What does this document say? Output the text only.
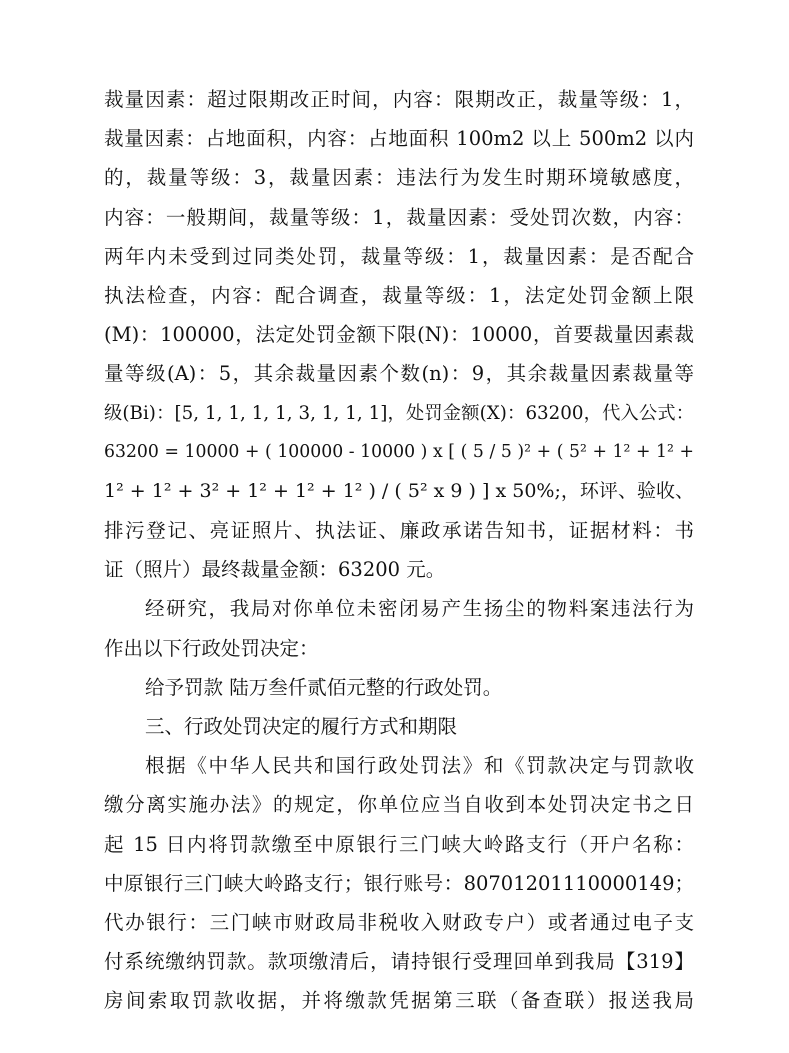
裁量因素：超过限期改正时间，内容：限期改正，裁量等级：1，
裁量因素：占地面积，内容：占地面积 100m2 以上 500m2 以内
的，裁量等级：3，裁量因素：违法行为发生时期环境敏感度，
内容：一般期间，裁量等级：1，裁量因素：受处罚次数，内容：
两年内未受到过同类处罚，裁量等级：1，裁量因素：是否配合
执法检查，内容：配合调查，裁量等级：1，法定处罚金额上限
(M)：100000，法定处罚金额下限(N)：10000，首要裁量因素裁
量等级(A)：5，其余裁量因素个数(n)：9，其余裁量因素裁量等
级(Bi)：[5, 1, 1, 1, 1, 3, 1, 1, 1]，处罚金额(X)：63200，代入公式：
63200 = 10000 + ( 100000 - 10000 ) x [ ( 5 / 5 )² + ( 5² + 1² + 1² +
1² + 1² + 3² + 1² + 1² + 1² ) / ( 5² x 9 ) ] x 50%;，环评、验收、
排污登记、亮证照片、执法证、廉政承诺告知书，证据材料：书
证（照片）最终裁量金额：63200 元。
经研究，我局对你单位未密闭易产生扬尘的物料案违法行为
作出以下行政处罚决定：
给予罚款 陆万叁仟贰佰元整的行政处罚。
三、行政处罚决定的履行方式和期限
根据《中华人民共和国行政处罚法》和《罚款决定与罚款收
缴分离实施办法》的规定，你单位应当自收到本处罚决定书之日
起 15 日内将罚款缴至中原银行三门峡大岭路支行（开户名称：
中原银行三门峡大岭路支行；银行账号：80701201110000149；
代办银行：三门峡市财政局非税收入财政专户）或者通过电子支
付系统缴纳罚款。款项缴清后，请持银行受理回单到我局【319】
房间索取罚款收据，并将缴款凭据第三联（备查联）报送我局
